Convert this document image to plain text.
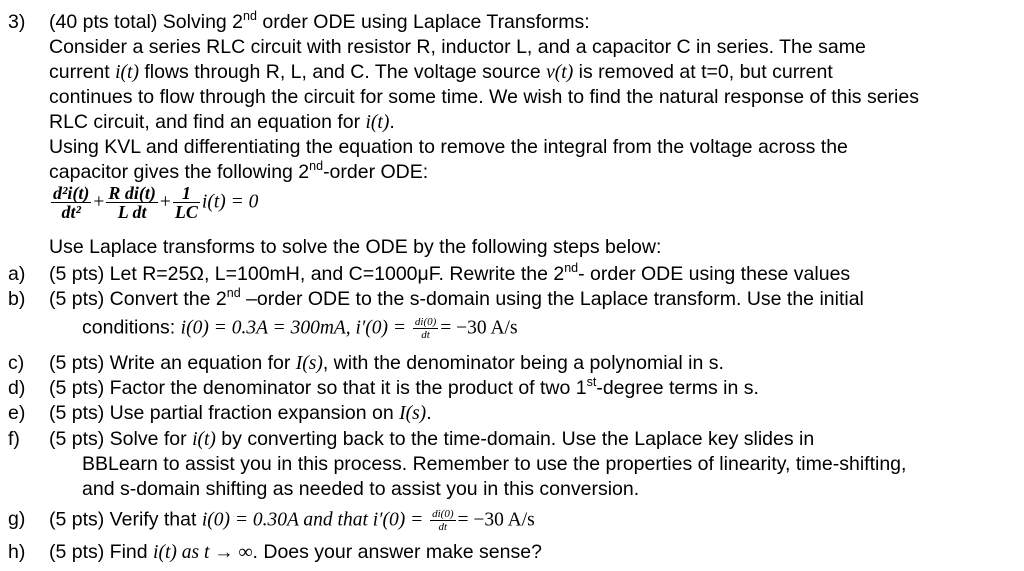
3) (40 pts total) Solving 2nd order ODE using Laplace Transforms:
Consider a series RLC circuit with resistor R, inductor L, and a capacitor C in series. The same
current i(t) flows through R, L, and C. The voltage source v(t) is removed at t=0, but current
continues to flow through the circuit for some time. We wish to find the natural response of this series
RLC circuit, and find an equation for i(t).
Using KVL and differentiating the equation to remove the integral from the voltage across the
capacitor gives the following 2nd-order ODE:
$\frac{\text{d²i(t)}}{\text{dt²}} + \frac{\text{R di(t)}}{\text{L dt}} + \frac{1}{LC} i(t) = 0$
Use Laplace transforms to solve the ODE by the following steps below:
a) (5 pts) Let R=25Ω, L=100mH, and C=1000μF. Rewrite the 2nd- order ODE using these values
b) (5 pts) Convert the 2nd –order ODE to the s-domain using the Laplace transform. Use the initial
conditions: i(0) = 0.3A = 300mA, $i'(0) = \frac{di(0)}{dt} = -30$ A/s
c) (5 pts) Write an equation for I(s), with the denominator being a polynomial in s.
d) (5 pts) Factor the denominator so that it is the product of two 1st-degree terms in s.
e) (5 pts) Use partial fraction expansion on I(s).
f) (5 pts) Solve for i(t) by converting back to the time-domain. Use the Laplace key slides in
BBLearn to assist you in this process. Remember to use the properties of linearity, time-shifting,
and s-domain shifting as needed to assist you in this conversion.
g) (5 pts) Verify that i(0) = 0.30A and that $i'(0) = \frac{di(0)}{dt} = -30$ A/s
h) (5 pts) Find i(t) as t → ∞. Does your answer make sense?
